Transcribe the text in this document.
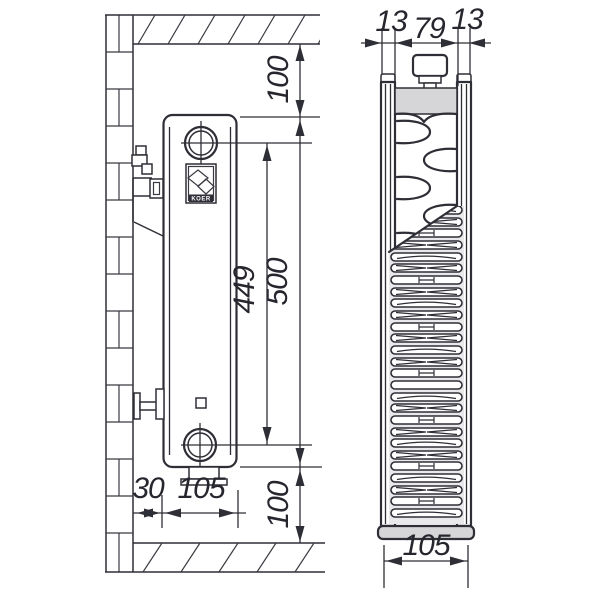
KOER
100
500
449
100
30 105
13 79 13
105
